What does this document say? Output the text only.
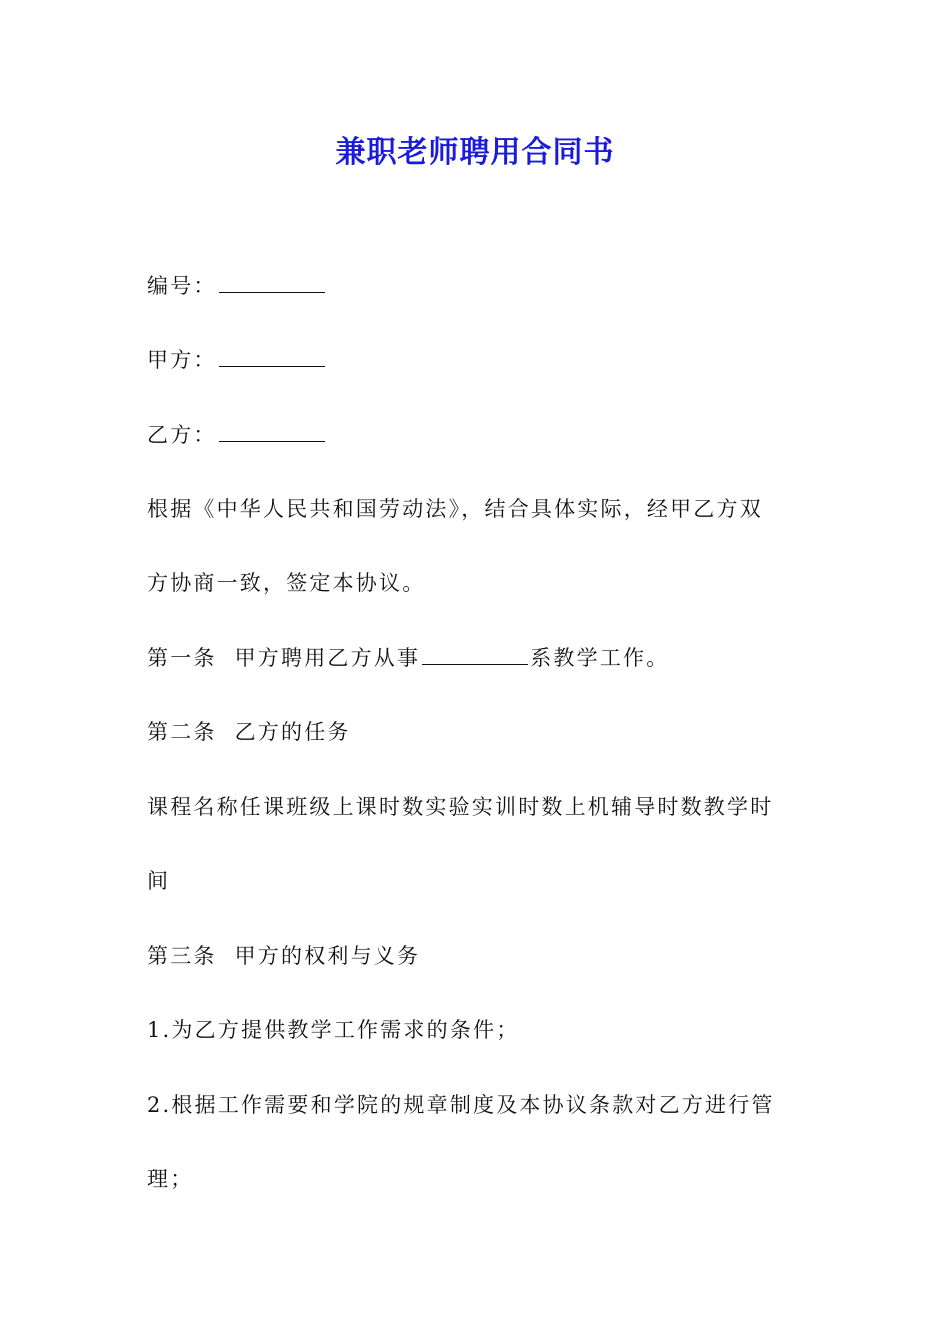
兼职老师聘用合同书
编号：
甲方：
乙方：
根据《中华人民共和国劳动法》，结合具体实际，经甲乙方双
方协商一致，签定本协议。
第一条 甲方聘用乙方从事	系教学工作。
第二条 乙方的任务
课程名称任课班级上课时数实验实训时数上机辅导时数教学时
间
第三条 甲方的权利与义务
1.为乙方提供教学工作需求的条件；
2.根据工作需要和学院的规章制度及本协议条款对乙方进行管
理；
